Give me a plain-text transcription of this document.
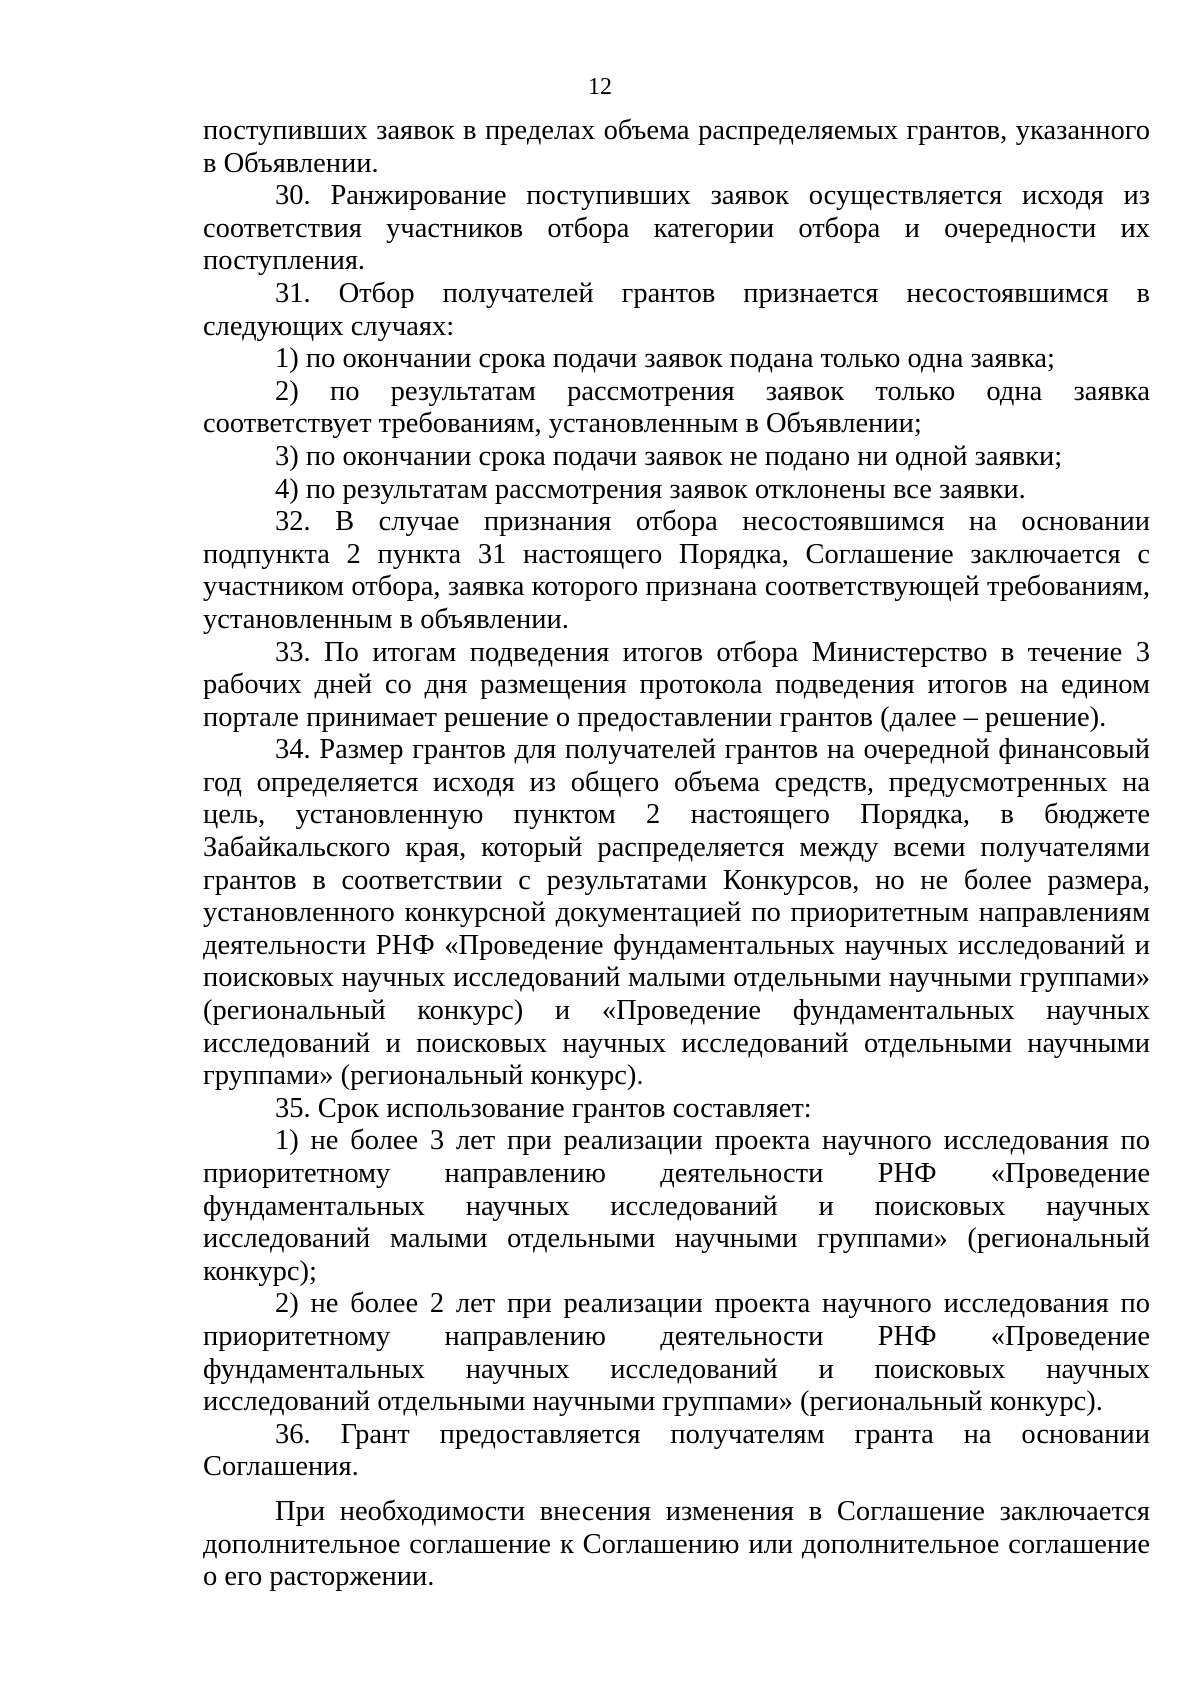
12

поступивших заявок в пределах объема распределяемых грантов, указанного в Объявлении.

30. Ранжирование поступивших заявок осуществляется исходя из соответствия участников отбора категории отбора и очередности их поступления.

31. Отбор получателей грантов признается несостоявшимся в следующих случаях:

1) по окончании срока подачи заявок подана только одна заявка;

2) по результатам рассмотрения заявок только одна заявка соответствует требованиям, установленным в Объявлении;

3) по окончании срока подачи заявок не подано ни одной заявки;

4) по результатам рассмотрения заявок отклонены все заявки.

32. В случае признания отбора несостоявшимся на основании подпункта 2 пункта 31 настоящего Порядка, Соглашение заключается с участником отбора, заявка которого признана соответствующей требованиям, установленным в объявлении.

33. По итогам подведения итогов отбора Министерство в течение 3 рабочих дней со дня размещения протокола подведения итогов на едином портале принимает решение о предоставлении грантов (далее – решение).

34. Размер грантов для получателей грантов на очередной финансовый год определяется исходя из общего объема средств, предусмотренных на цель, установленную пунктом 2 настоящего Порядка, в бюджете Забайкальского края, который распределяется между всеми получателями грантов в соответствии с результатами Конкурсов, но не более размера, установленного конкурсной документацией по приоритетным направлениям деятельности РНФ «Проведение фундаментальных научных исследований и поисковых научных исследований малыми отдельными научными группами» (региональный конкурс) и «Проведение фундаментальных научных исследований и поисковых научных исследований отдельными научными группами» (региональный конкурс).

35. Срок использование грантов составляет:

1) не более 3 лет при реализации проекта научного исследования по приоритетному направлению деятельности РНФ «Проведение фундаментальных научных исследований и поисковых научных исследований малыми отдельными научными группами» (региональный конкурс);

2) не более 2 лет при реализации проекта научного исследования по приоритетному направлению деятельности РНФ «Проведение фундаментальных научных исследований и поисковых научных исследований отдельными научными группами» (региональный конкурс).

36. Грант предоставляется получателям гранта на основании Соглашения.

При необходимости внесения изменения в Соглашение заключается дополнительное соглашение к Соглашению или дополнительное соглашение о его расторжении.
